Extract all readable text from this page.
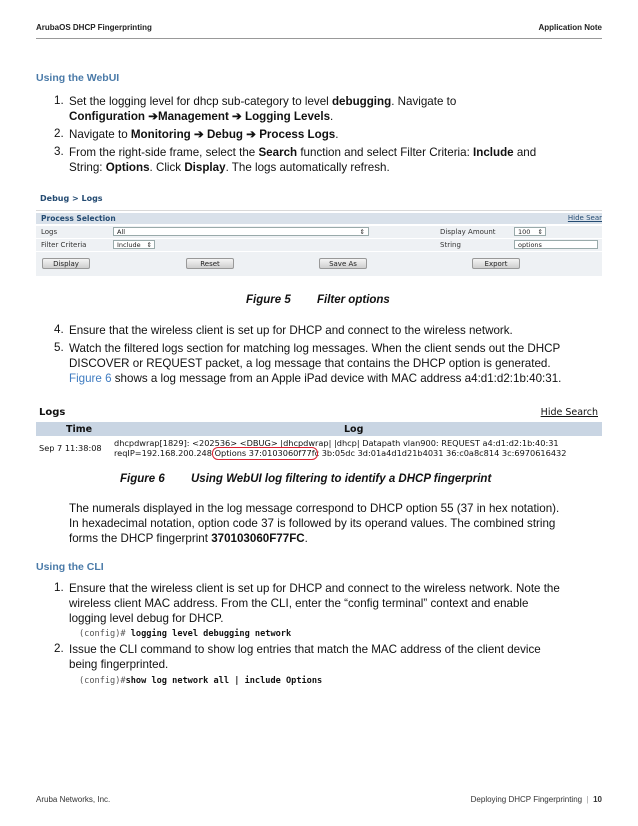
ArubaOS DHCP Fingerprinting	Application Note
Using the WebUI
1. Set the logging level for dhcp sub-category to level debugging. Navigate to
Configuration ➔Management ➔ Logging Levels.
2. Navigate to Monitoring ➔ Debug ➔ Process Logs.
3. From the right-side frame, select the Search function and select Filter Criteria: Include and
String: Options. Click Display. The logs automatically refresh.
Debug > Logs
Process Selection	Hide Sear
Logs	All	⇕	Display Amount	100 ⇕
Filter Criteria	Include ⇕	String	options
Display	Reset	Save As	Export
Figure 5 Filter options
4. Ensure that the wireless client is set up for DHCP and connect to the wireless network.
5. Watch the filtered logs section for matching log messages. When the client sends out the DHCP
DISCOVER or REQUEST packet, a log message that contains the DHCP option is generated.
Figure 6 shows a log message from an Apple iPad device with MAC address a4:d1:d2:1b:40:31.
Logs	Hide Search
Time	Log
Sep 7 11:38:08 dhcpdwrap[1829]: <202536> <DBUG> |dhcpdwrap| |dhcp| Datapath vlan900: REQUEST a4:d1:d2:1b:40:31
reqIP=192.168.200.248 Options 37:0103060f77fc 3b:05dc 3d:01a4d1d21b4031 36:c0a8c814 3c:6970616432
Figure 6 Using WebUI log filtering to identify a DHCP fingerprint
The numerals displayed in the log message correspond to DHCP option 55 (37 in hex notation).
In hexadecimal notation, option code 37 is followed by its operand values. The combined string
forms the DHCP fingerprint 370103060F77FC.
Using the CLI
1. Ensure that the wireless client is set up for DHCP and connect to the wireless network. Note the
wireless client MAC address. From the CLI, enter the “config terminal” context and enable
logging level debug for DHCP.
(config)# logging level debugging network
2. Issue the CLI command to show log entries that match the MAC address of the client device
being fingerprinted.
(config)#show log network all | include Options
Aruba Networks, Inc.	Deploying DHCP Fingerprinting | 10
